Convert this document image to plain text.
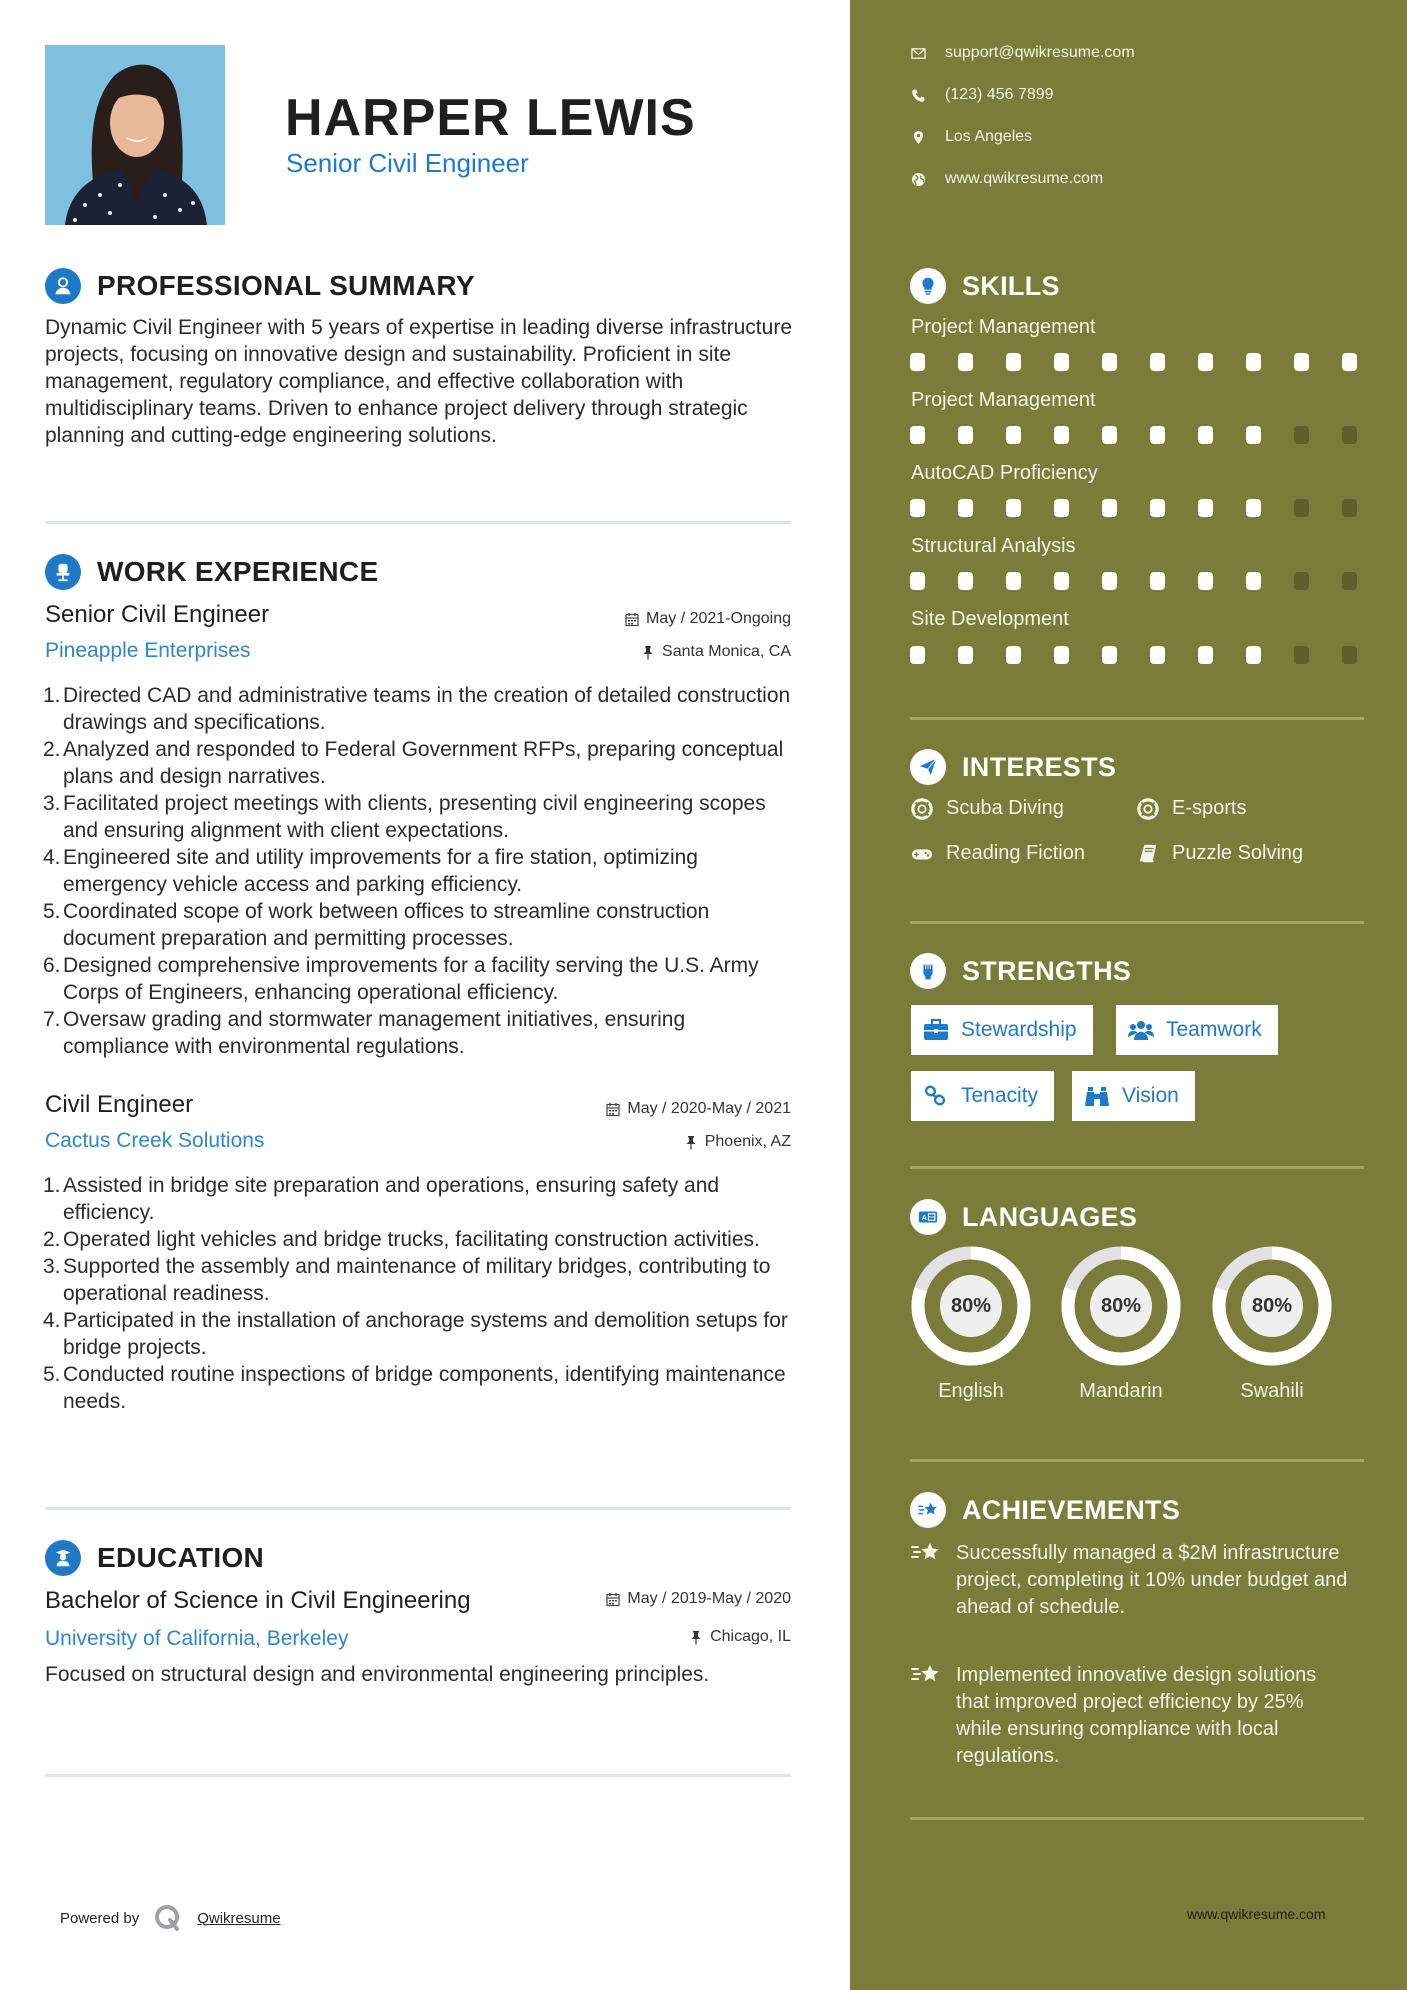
HARPER LEWIS
Senior Civil Engineer
PROFESSIONAL SUMMARY
Dynamic Civil Engineer with 5 years of expertise in leading diverse infrastructure projects, focusing on innovative design and sustainability. Proficient in site management, regulatory compliance, and effective collaboration with multidisciplinary teams. Driven to enhance project delivery through strategic planning and cutting-edge engineering solutions.
WORK EXPERIENCE
Senior Civil Engineer	May / 2021-Ongoing
Pineapple Enterprises	Santa Monica, CA
1. Directed CAD and administrative teams in the creation of detailed construction drawings and specifications.
2. Analyzed and responded to Federal Government RFPs, preparing conceptual plans and design narratives.
3. Facilitated project meetings with clients, presenting civil engineering scopes and ensuring alignment with client expectations.
4. Engineered site and utility improvements for a fire station, optimizing emergency vehicle access and parking efficiency.
5. Coordinated scope of work between offices to streamline construction document preparation and permitting processes.
6. Designed comprehensive improvements for a facility serving the U.S. Army Corps of Engineers, enhancing operational efficiency.
7. Oversaw grading and stormwater management initiatives, ensuring compliance with environmental regulations.
Civil Engineer	May / 2020-May / 2021
Cactus Creek Solutions	Phoenix, AZ
1. Assisted in bridge site preparation and operations, ensuring safety and efficiency.
2. Operated light vehicles and bridge trucks, facilitating construction activities.
3. Supported the assembly and maintenance of military bridges, contributing to operational readiness.
4. Participated in the installation of anchorage systems and demolition setups for bridge projects.
5. Conducted routine inspections of bridge components, identifying maintenance needs.
EDUCATION
Bachelor of Science in Civil Engineering	May / 2019-May / 2020
University of California, Berkeley	Chicago, IL
Focused on structural design and environmental engineering principles.
Powered by	Qwikresume
support@qwikresume.com
(123) 456 7899
Los Angeles
www.qwikresume.com
SKILLS
Project Management
Project Management
AutoCAD Proficiency
Structural Analysis
Site Development
INTERESTS
Scuba Diving	E-sports
Reading Fiction	Puzzle Solving
STRENGTHS
Stewardship	Teamwork
Tenacity	Vision
A LANGUAGES
80%
English
80%
Mandarin
80%
Swahili
ACHIEVEMENTS
Successfully managed a $2M infrastructure project, completing it 10% under budget and ahead of schedule.
Implemented innovative design solutions that improved project efficiency by 25% while ensuring compliance with local regulations.
www.qwikresume.com
